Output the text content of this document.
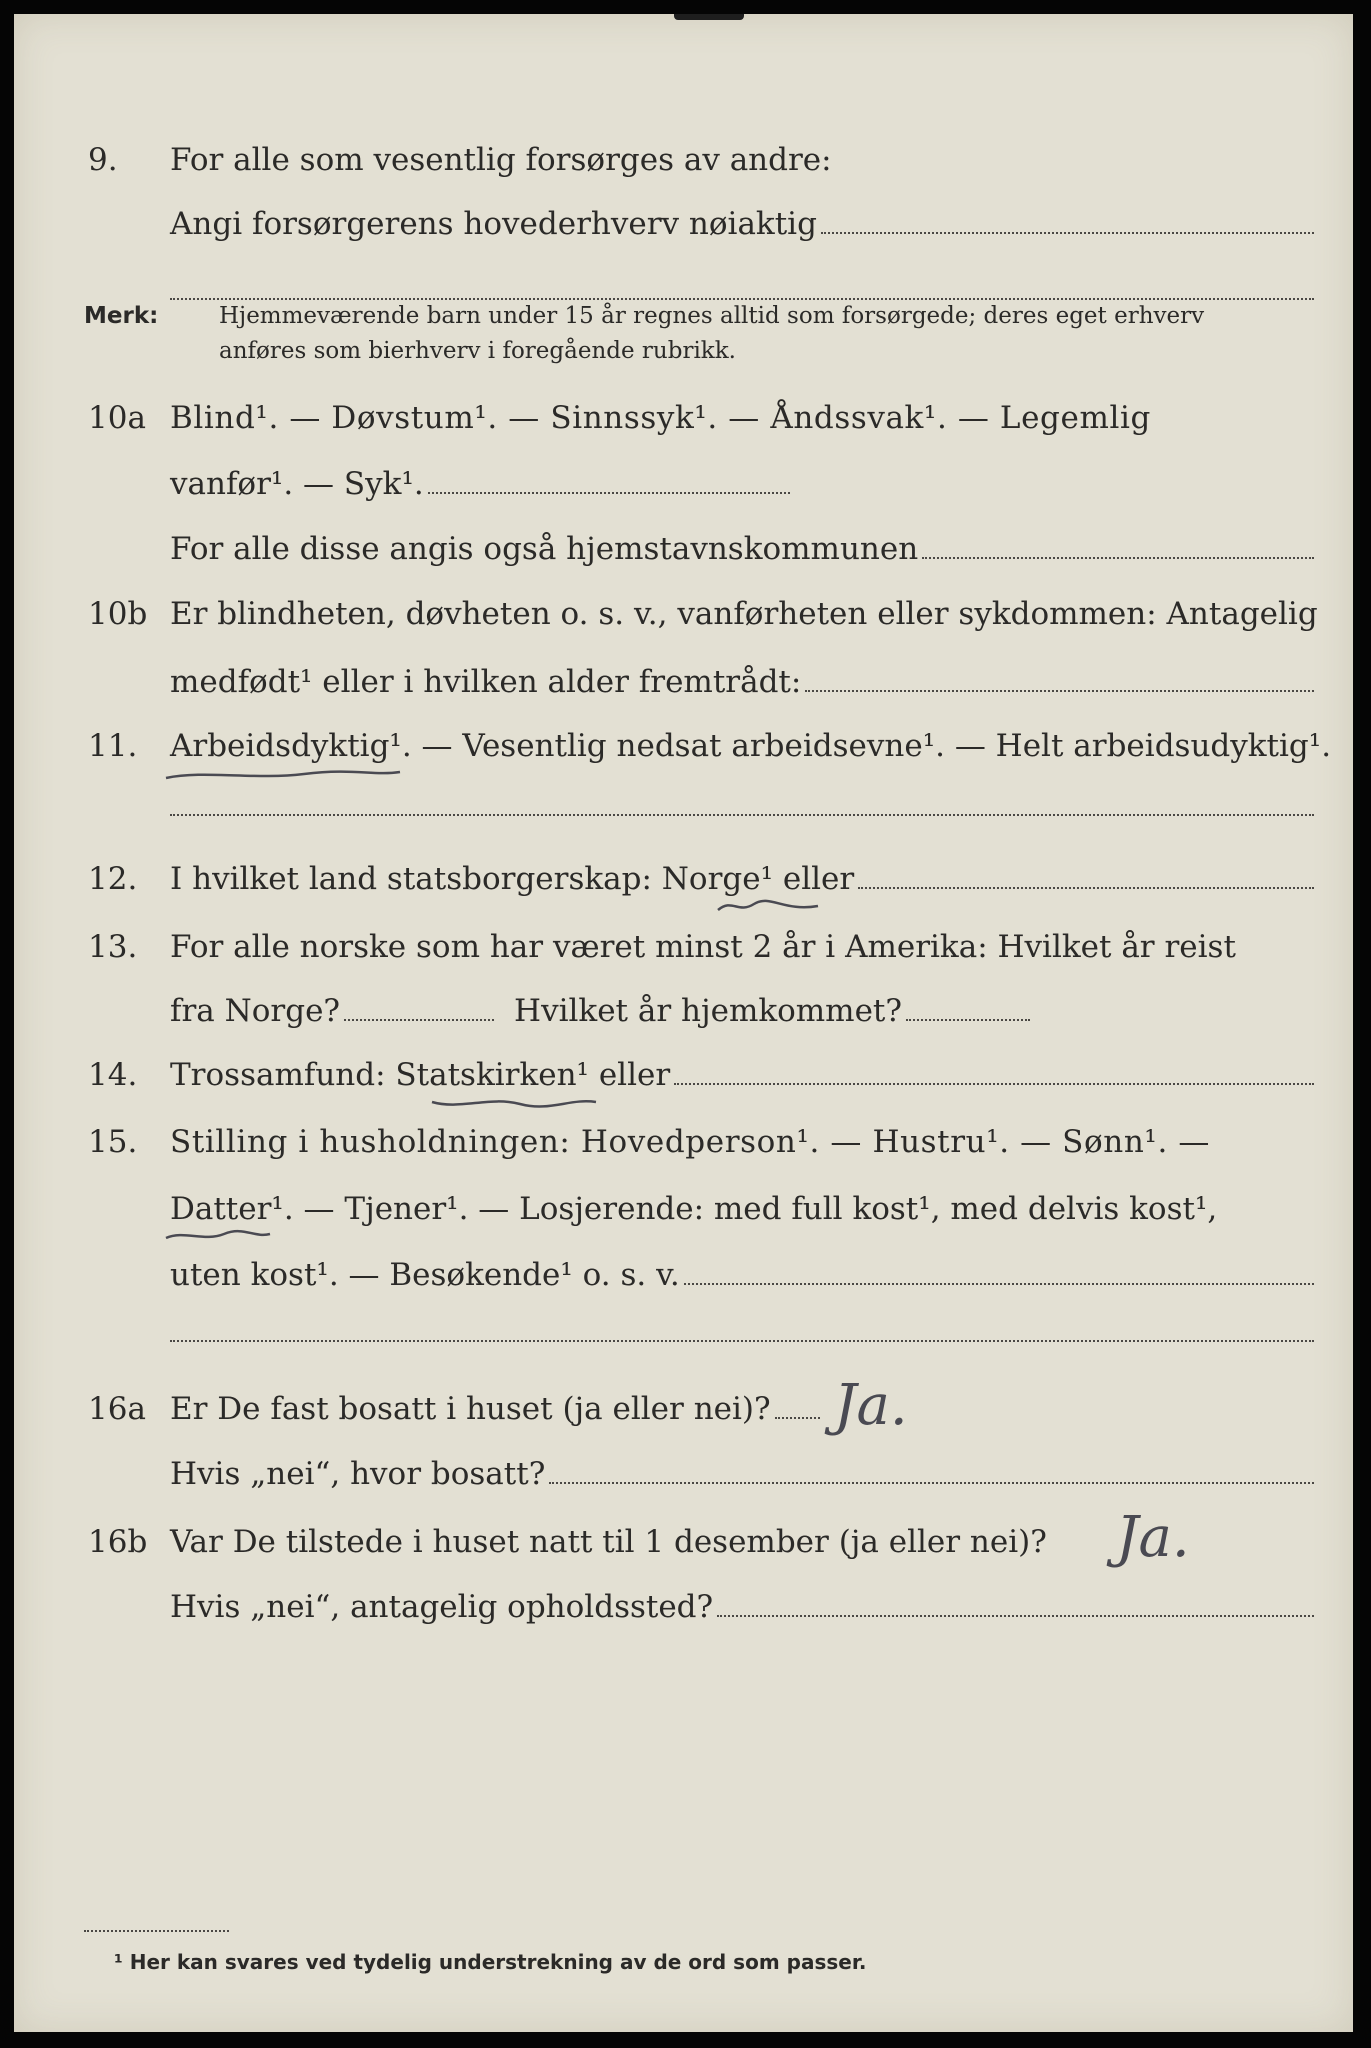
9.	For alle som vesentlig forsørges av andre:
Angi forsørgerens hovederhverv nøiaktig
Merk:	Hjemmeværende barn under 15 år regnes alltid som forsørgede; deres eget erhverv
anføres som bierhverv i foregående rubrikk.
10a Blind¹. — Døvstum¹. — Sinnssyk¹. — Åndssvak¹. — Legemlig
vanfør¹. — Syk¹.
For alle disse angis også hjemstavnskommunen
10b Er blindheten, døvheten o. s. v., vanførheten eller sykdommen: Antagelig
medfødt¹ eller i hvilken alder fremtrådt:
11.	Arbeidsdyktig¹. — Vesentlig nedsat arbeidsevne¹. — Helt arbeidsudyktig¹.
12.	I hvilket land statsborgerskap: Norge¹ eller
13.	For alle norske som har været minst 2 år i Amerika: Hvilket år reist
fra Norge?	Hvilket år hjemkommet?
14.	Trossamfund: Statskirken¹ eller
15.	Stilling i husholdningen: Hovedperson¹. — Hustru¹. — Sønn¹. —
Datter¹. — Tjener¹. — Losjerende: med full kost¹, med delvis kost¹,
uten kost¹. — Besøkende¹ o. s. v.
16a Er De fast bosatt i huset (ja eller nei)? Ja.
Hvis „nei“, hvor bosatt?
16b Var De tilstede i huset natt til 1 desember (ja eller nei)? Ja.
Hvis „nei“, antagelig opholdssted?
¹ Her kan svares ved tydelig understrekning av de ord som passer.
